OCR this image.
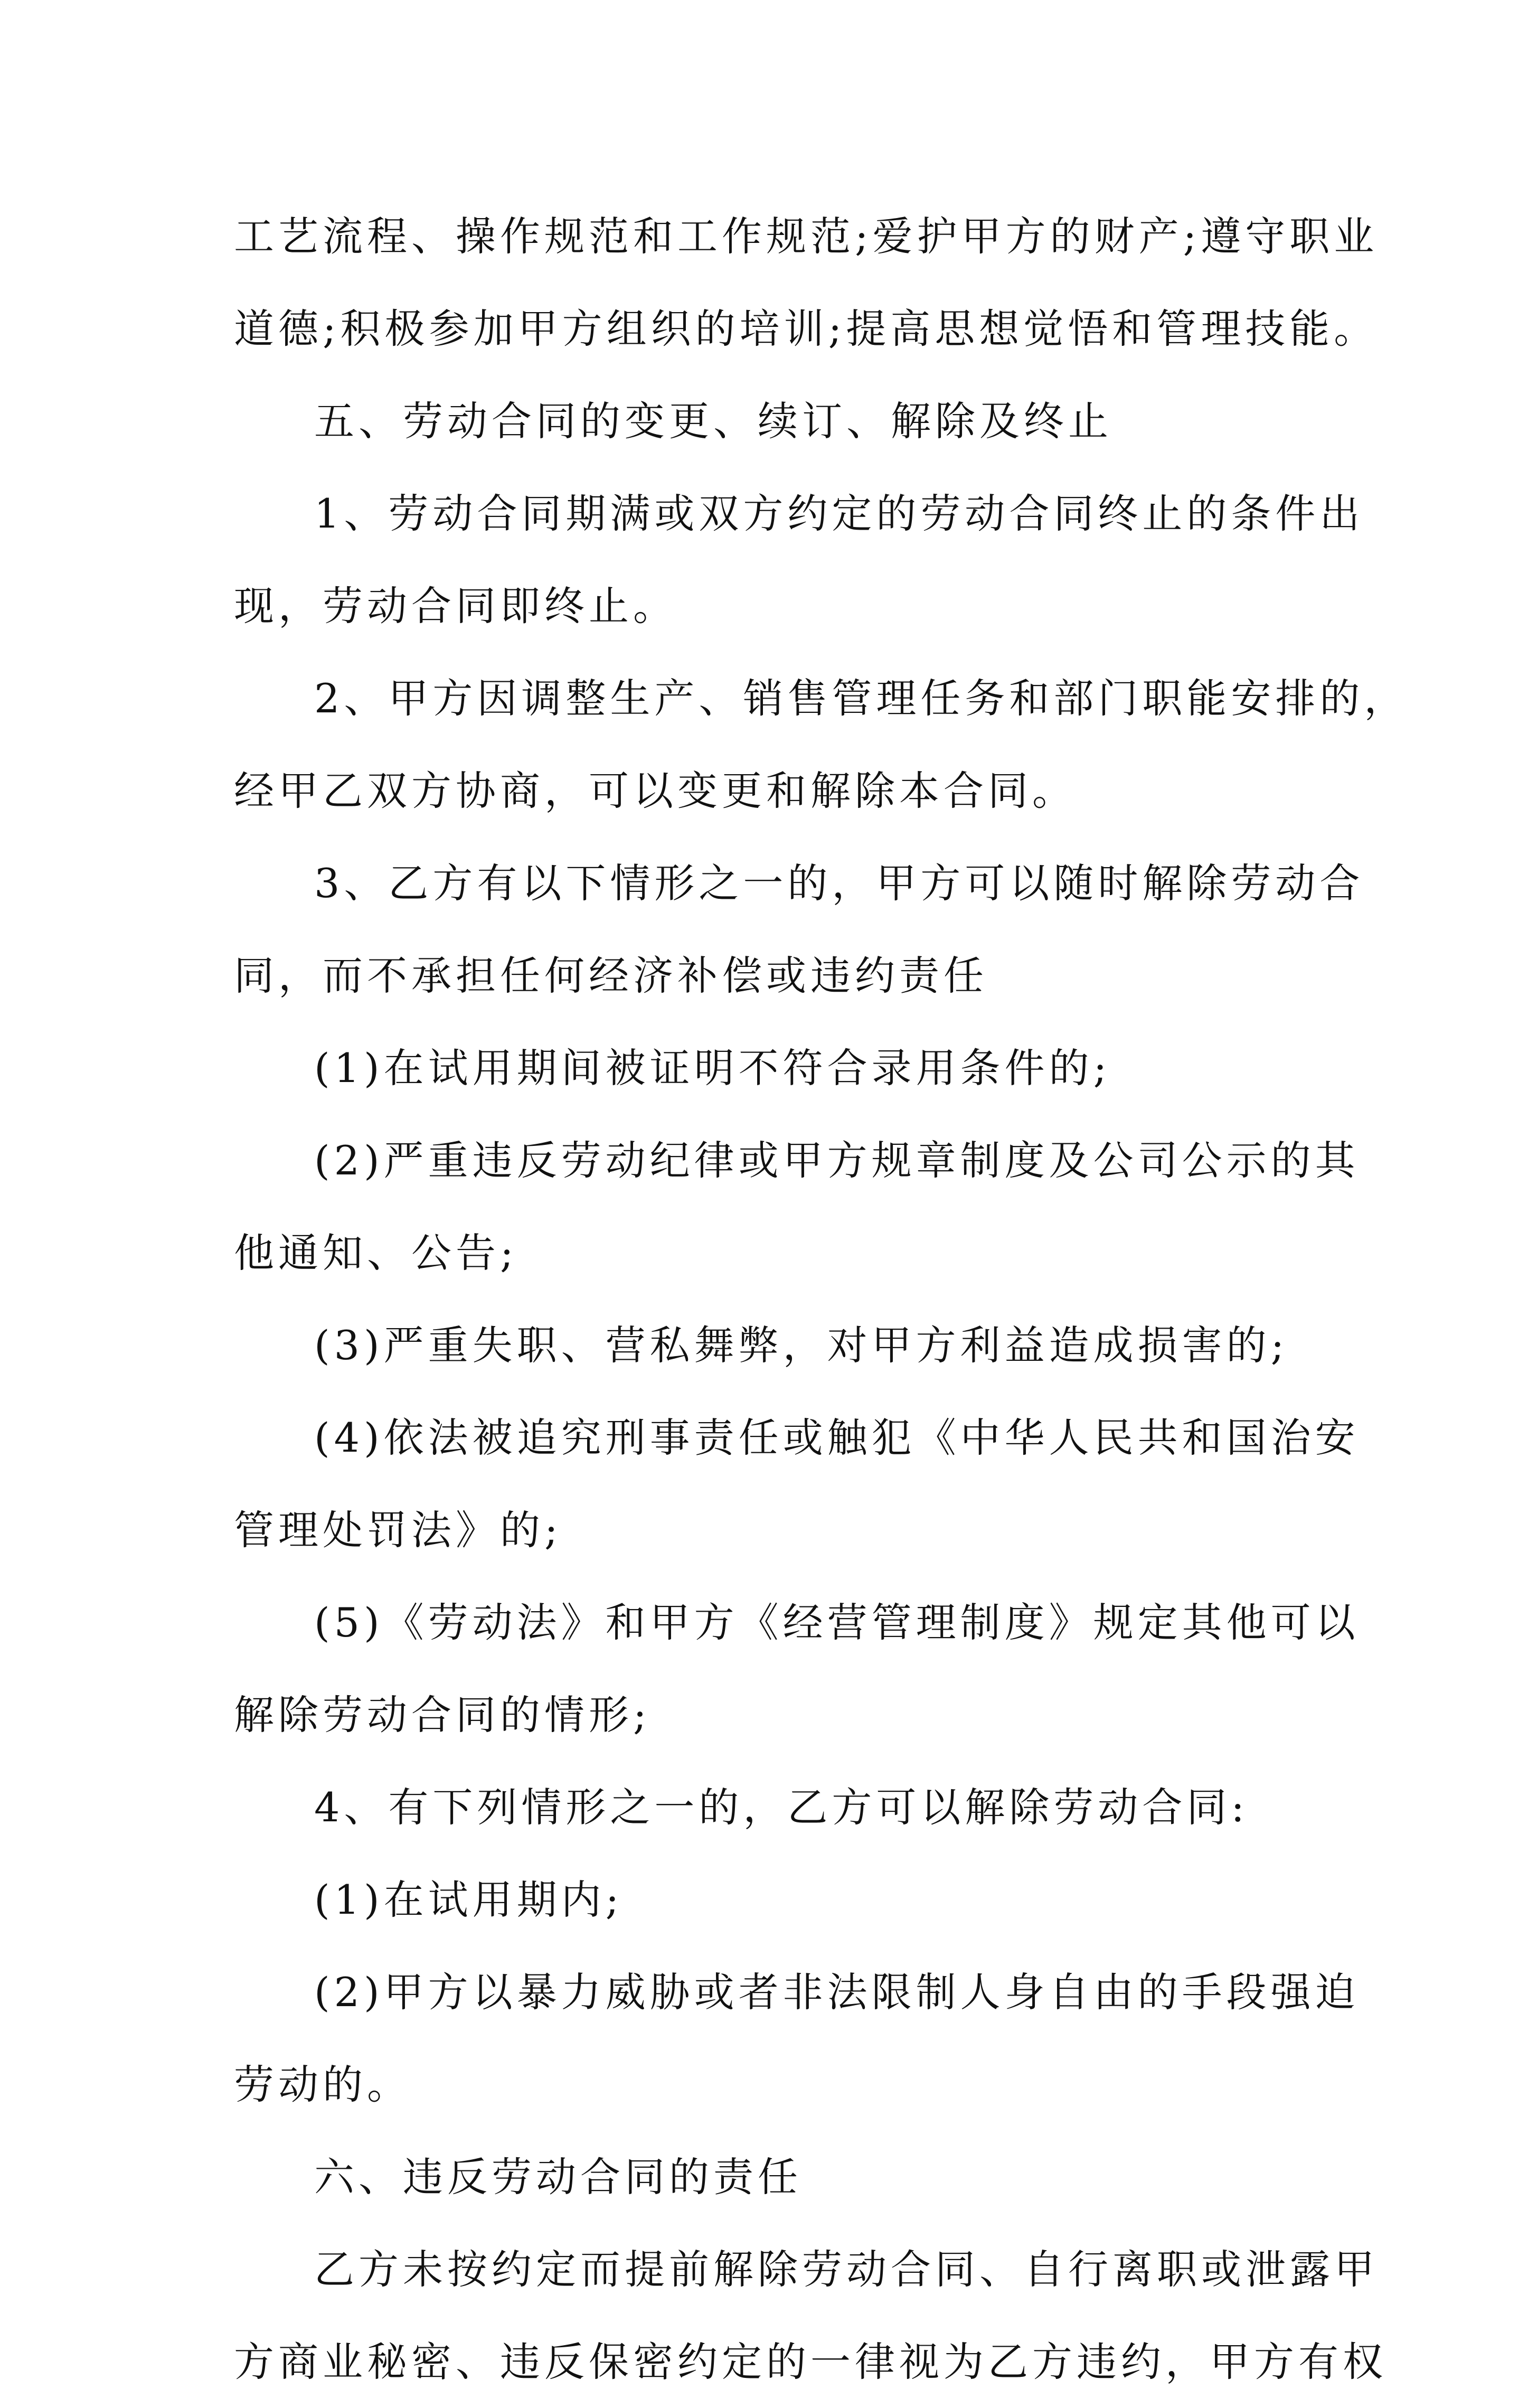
工艺流程、操作规范和工作规范;爱护甲方的财产;遵守职业
道德;积极参加甲方组织的培训;提高思想觉悟和管理技能。
五、劳动合同的变更、续订、解除及终止
1、劳动合同期满或双方约定的劳动合同终止的条件出
现，劳动合同即终止。
2、甲方因调整生产、销售管理任务和部门职能安排的，
经甲乙双方协商，可以变更和解除本合同。
3、乙方有以下情形之一的，甲方可以随时解除劳动合
同，而不承担任何经济补偿或违约责任
(1)在试用期间被证明不符合录用条件的;
(2)严重违反劳动纪律或甲方规章制度及公司公示的其
他通知、公告;
(3)严重失职、营私舞弊，对甲方利益造成损害的;
(4)依法被追究刑事责任或触犯《中华人民共和国治安
管理处罚法》的;
(5)《劳动法》和甲方《经营管理制度》规定其他可以
解除劳动合同的情形;
4、有下列情形之一的，乙方可以解除劳动合同:
(1)在试用期内;
(2)甲方以暴力威胁或者非法限制人身自由的手段强迫
劳动的。
六、违反劳动合同的责任
乙方未按约定而提前解除劳动合同、自行离职或泄露甲
方商业秘密、违反保密约定的一律视为乙方违约，甲方有权
